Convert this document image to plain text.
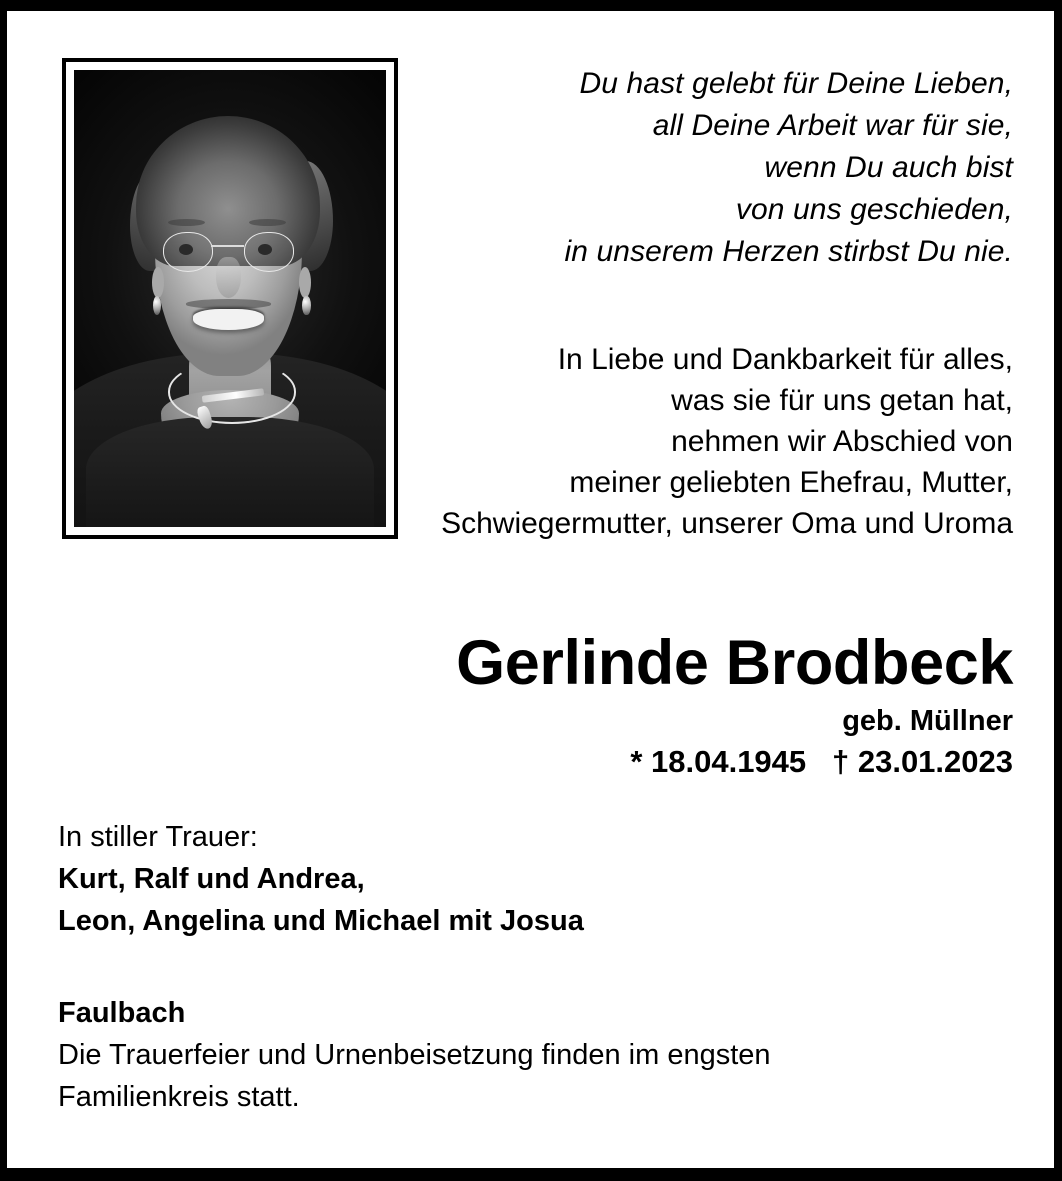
Du hast gelebt für Deine Lieben,
all Deine Arbeit war für sie,
wenn Du auch bist
von uns geschieden,
in unserem Herzen stirbst Du nie.
In Liebe und Dankbarkeit für alles,
was sie für uns getan hat,
nehmen wir Abschied von
meiner geliebten Ehefrau, Mutter,
Schwiegermutter, unserer Oma und Uroma
Gerlinde Brodbeck
geb. Müllner
* 18.04.1945   † 23.01.2023
In stiller Trauer:
Kurt, Ralf und Andrea,
Leon, Angelina und Michael mit Josua
Faulbach
Die Trauerfeier und Urnenbeisetzung finden im engsten
Familienkreis statt.
